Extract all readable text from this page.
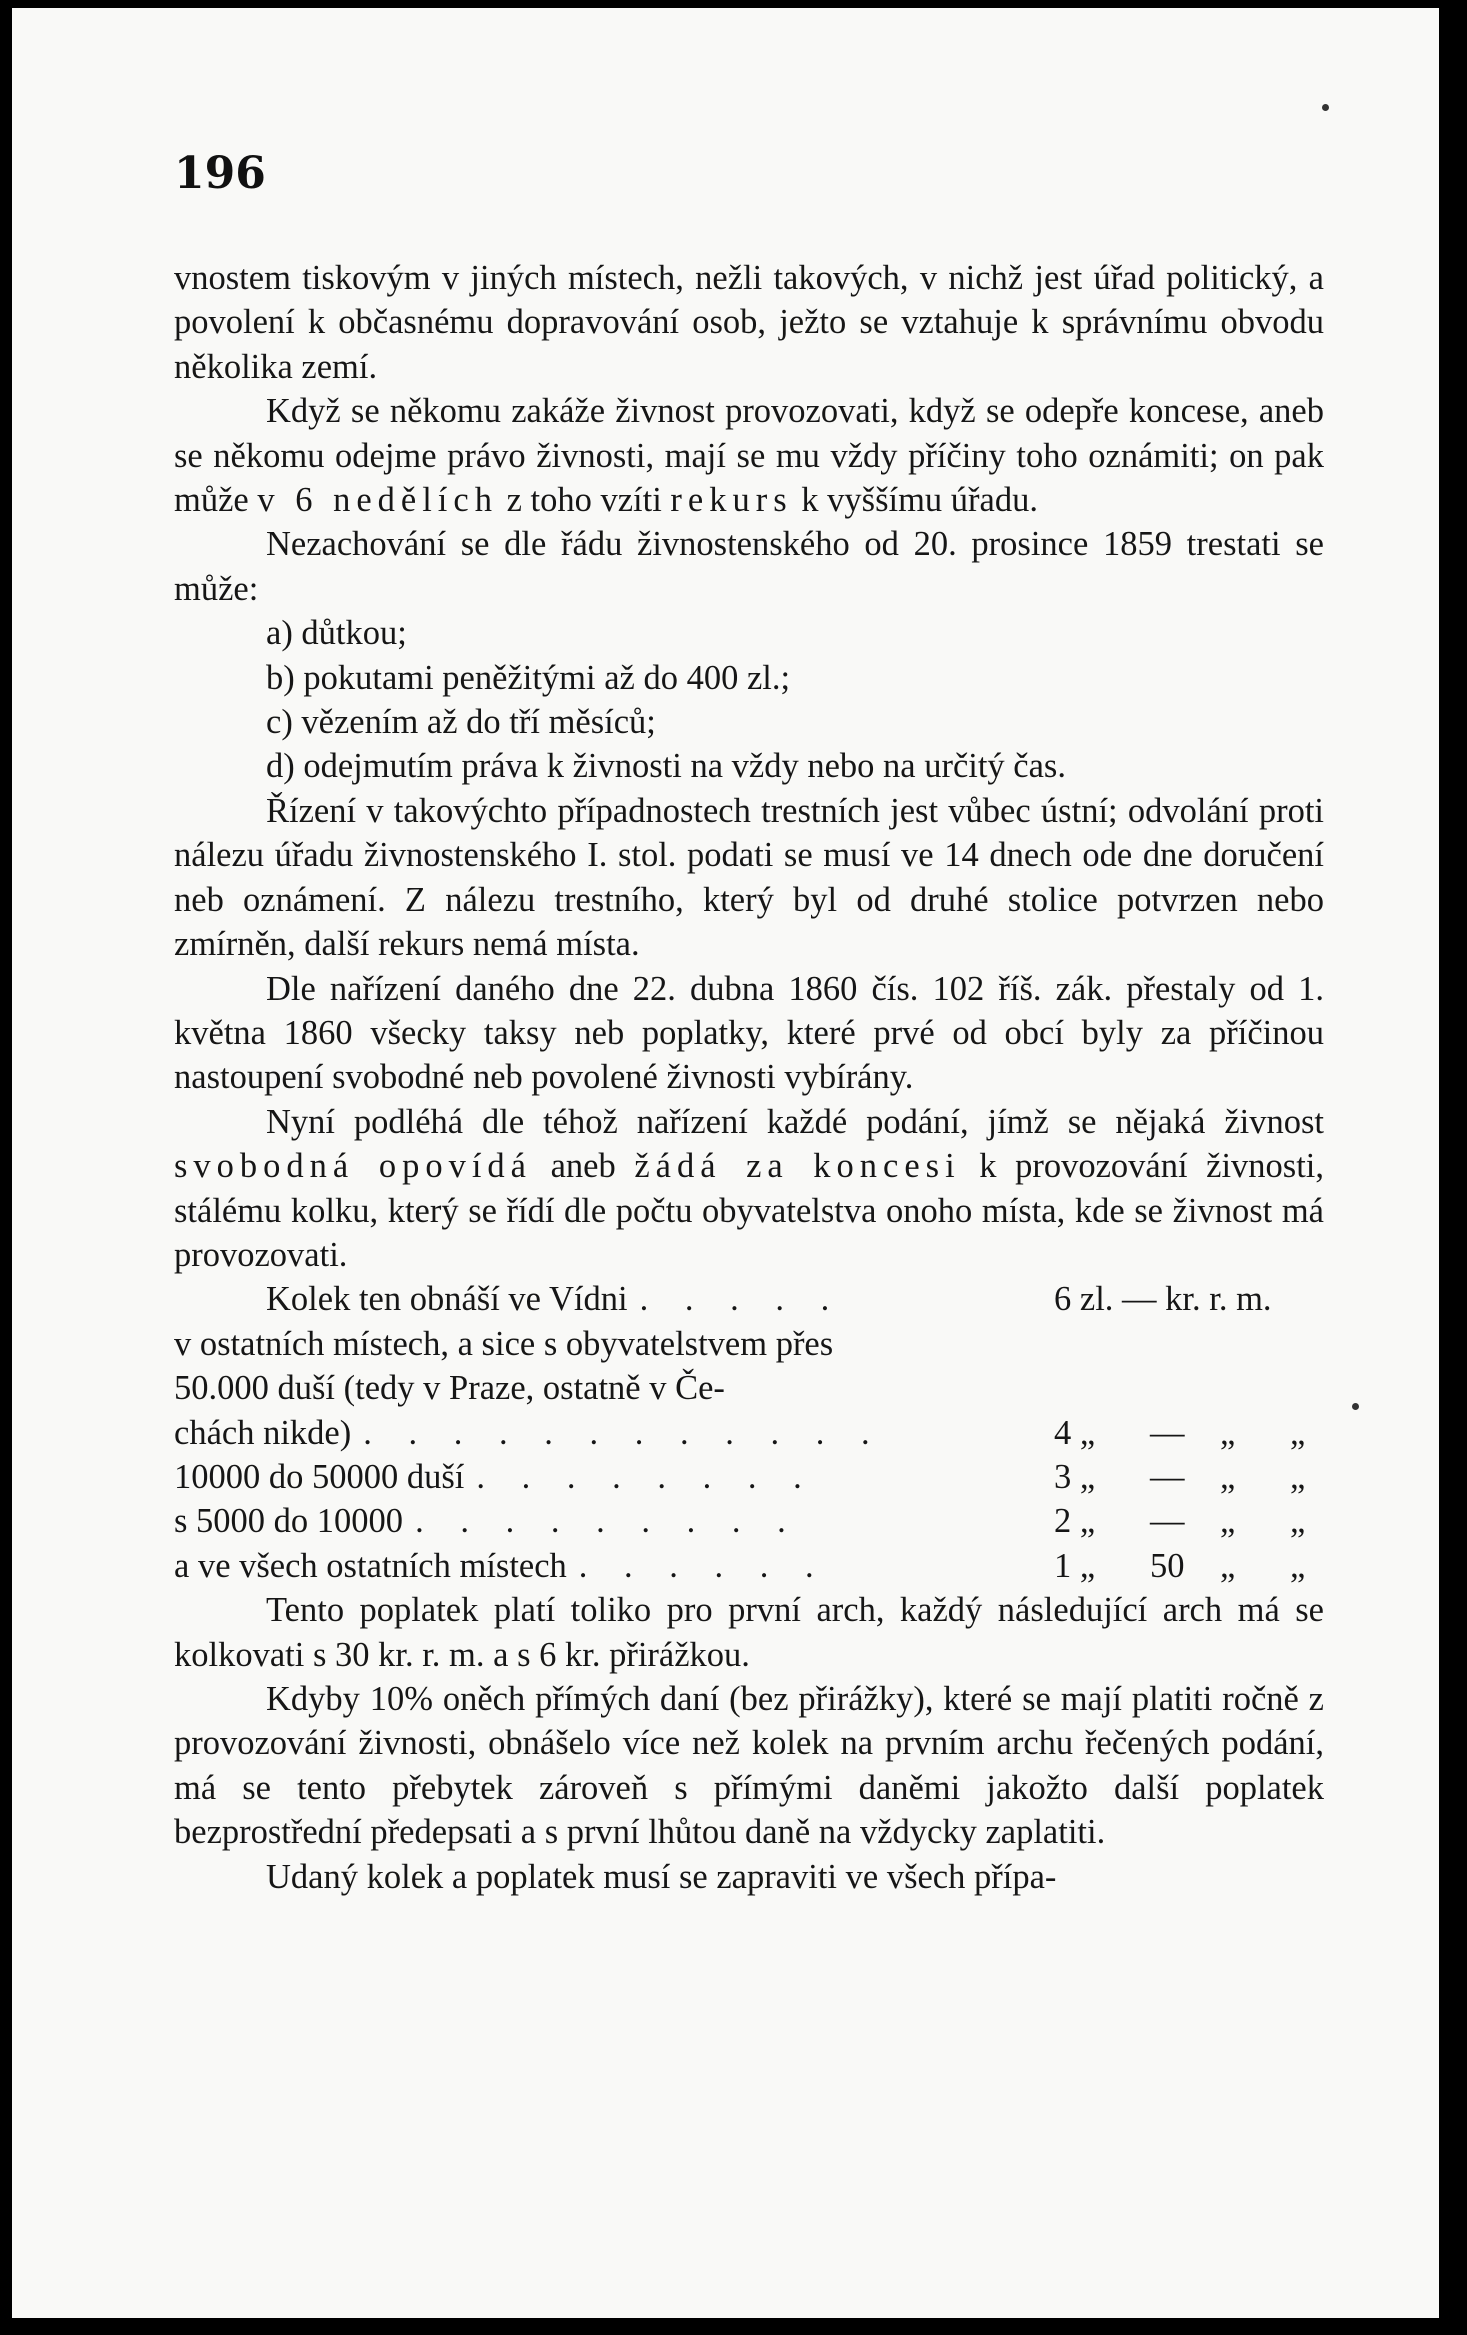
196

vnostem tiskovým v jiných místech, nežli takových, v nichž jest úřad politický, a povolení k občasnému dopravování osob, ježto se vztahuje k správnímu obvodu několika zemí.

Když se někomu zakáže živnost provozovati, když se odepře koncese, aneb se někomu odejme právo živnosti, mají se mu vždy příčiny toho oznámiti; on pak může v 6 nedělích z toho vzíti rekurs k vyššímu úřadu.

Nezachování se dle řádu živnostenského od 20. prosince 1859 trestati se může:

a) důtkou;
b) pokutami peněžitými až do 400 zl.;
c) vězením až do tří měsíců;
d) odejmutím práva k živnosti na vždy nebo na určitý čas.

Řízení v takovýchto případnostech trestních jest vůbec ústní; odvolání proti nálezu úřadu živnostenského I. stol. podati se musí ve 14 dnech ode dne doručení neb oznámení. Z nálezu trestního, který byl od druhé stolice potvrzen nebo zmírněn, další rekurs nemá místa.

Dle nařízení daného dne 22. dubna 1860 čís. 102 říš. zák. přestaly od 1. května 1860 všecky taksy neb poplatky, které prvé od obcí byly za příčinou nastoupení svobodné neb povolené živnosti vybírány.

Nyní podléhá dle téhož nařízení každé podání, jímž se nějaká živnost svobodná opovídá aneb žádá za koncesi k provozování živnosti, stálému kolku, který se řídí dle počtu obyvatelstva onoho místa, kde se živnost má provozovati.

Kolek ten obnáší ve Vídni . . . . .	6 zl. — kr. r. m.
v ostatních místech, a sice s obyvatelstvem přes
50.000 duší (tedy v Praze, ostatně v Če-
chách nikde) . . . . . . . . . . . .	4 „	—	„	„
10000 do 50000 duší . . . . . . . .	3 „	—	„	„
s 5000 do 10000 . . . . . . . . .	2 „	—	„	„
a ve všech ostatních místech . . . . . .	1 „	50	„	„

Tento poplatek platí toliko pro první arch, každý následující arch má se kolkovati s 30 kr. r. m. a s 6 kr. přirážkou.

Kdyby 10% oněch přímých daní (bez přirážky), které se mají platiti ročně z provozování živnosti, obnášelo více než kolek na prvním archu řečených podání, má se tento přebytek zároveň s přímými daněmi jakožto další poplatek bezprostřední předepsati a s první lhůtou daně na vždycky zaplatiti.

Udaný kolek a poplatek musí se zapraviti ve všech přípa-
